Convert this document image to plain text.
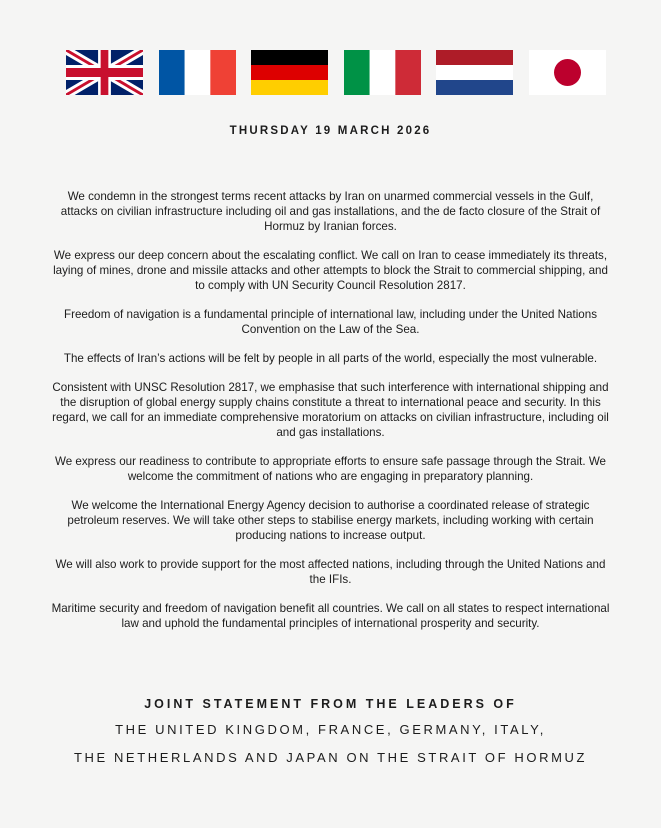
THURSDAY 19 MARCH 2026

We condemn in the strongest terms recent attacks by Iran on unarmed commercial vessels in the Gulf, attacks on civilian infrastructure including oil and gas installations, and the de facto closure of the Strait of Hormuz by Iranian forces.

We express our deep concern about the escalating conflict. We call on Iran to cease immediately its threats, laying of mines, drone and missile attacks and other attempts to block the Strait to commercial shipping, and to comply with UN Security Council Resolution 2817.

Freedom of navigation is a fundamental principle of international law, including under the United Nations Convention on the Law of the Sea.

The effects of Iran’s actions will be felt by people in all parts of the world, especially the most vulnerable.

Consistent with UNSC Resolution 2817, we emphasise that such interference with international shipping and the disruption of global energy supply chains constitute a threat to international peace and security. In this regard, we call for an immediate comprehensive moratorium on attacks on civilian infrastructure, including oil and gas installations.

We express our readiness to contribute to appropriate efforts to ensure safe passage through the Strait. We welcome the commitment of nations who are engaging in preparatory planning.

We welcome the International Energy Agency decision to authorise a coordinated release of strategic petroleum reserves. We will take other steps to stabilise energy markets, including working with certain producing nations to increase output.

We will also work to provide support for the most affected nations, including through the United Nations and the IFIs.

Maritime security and freedom of navigation benefit all countries. We call on all states to respect international law and uphold the fundamental principles of international prosperity and security.

JOINT STATEMENT FROM THE LEADERS OF
THE UNITED KINGDOM, FRANCE, GERMANY, ITALY,
THE NETHERLANDS AND JAPAN ON THE STRAIT OF HORMUZ
